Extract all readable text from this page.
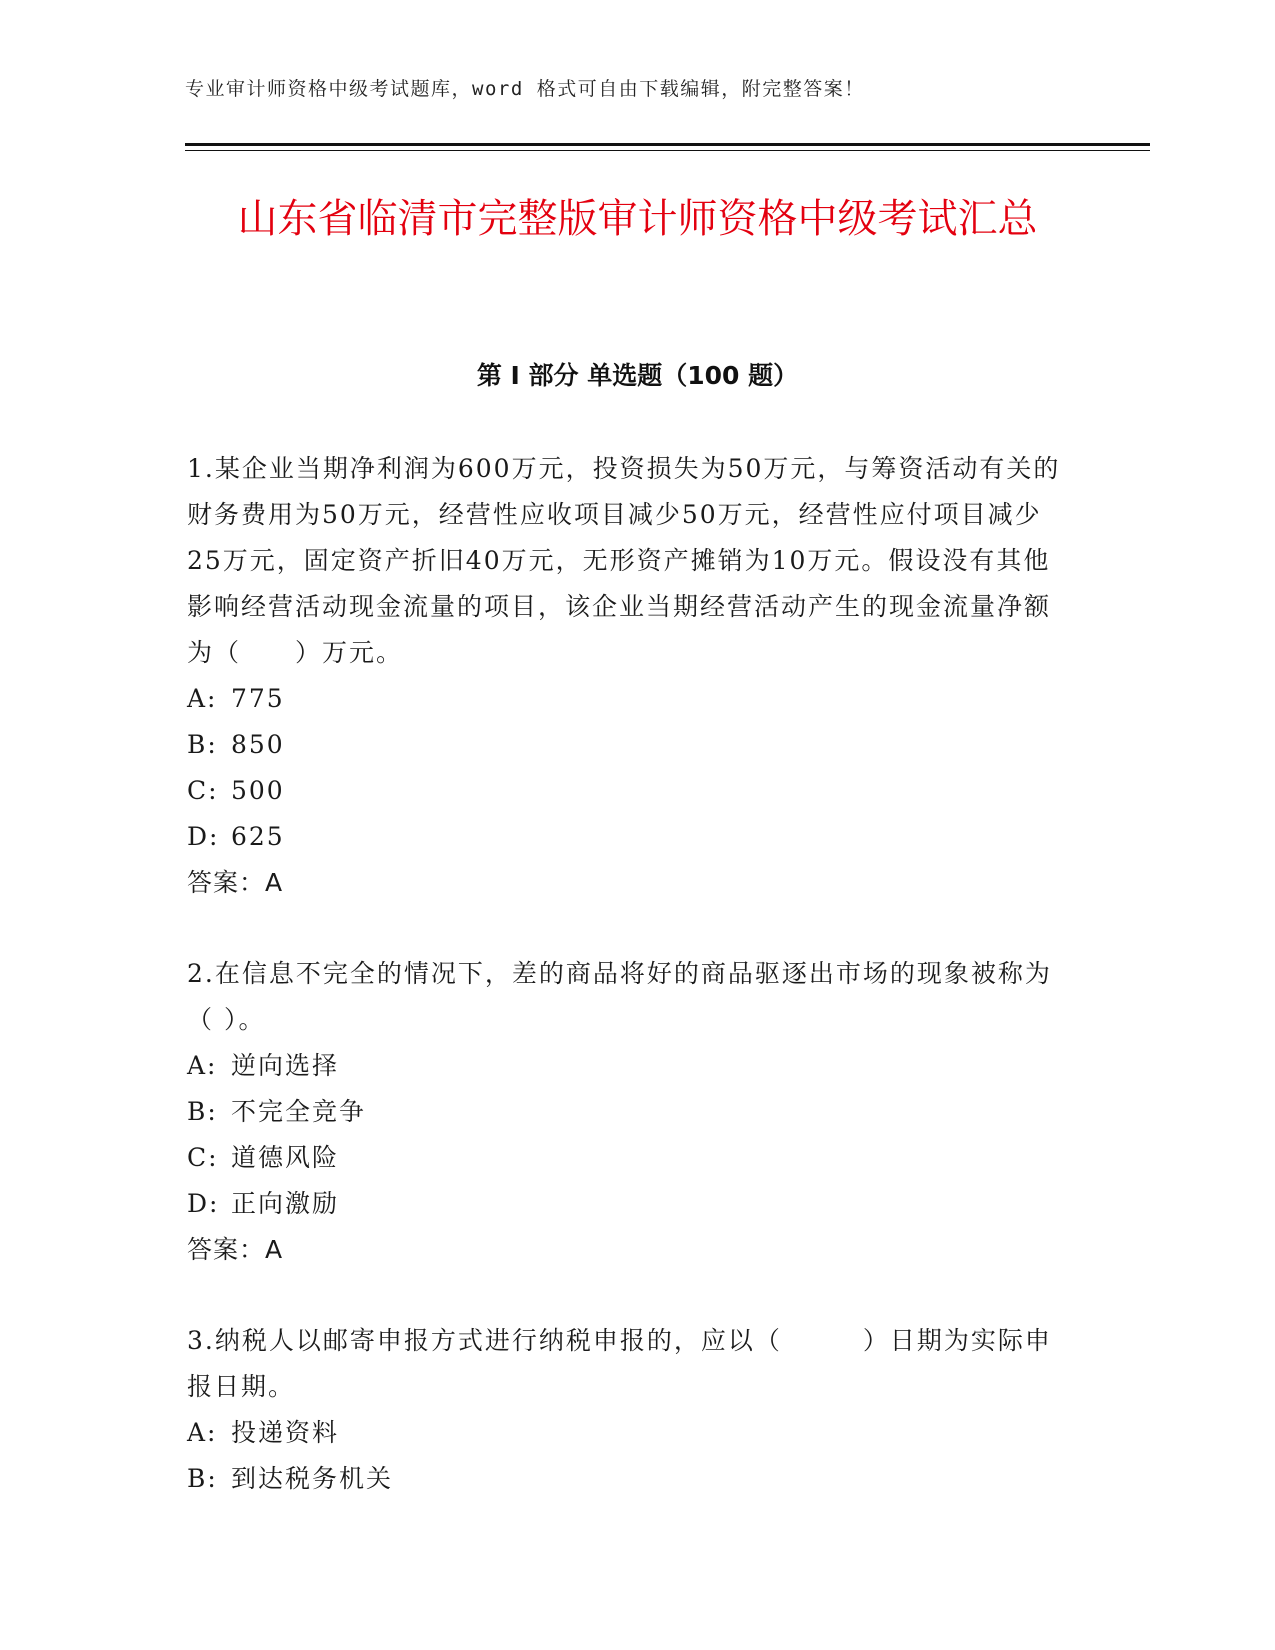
专业审计师资格中级考试题库，word 格式可自由下载编辑，附完整答案！
山东省临清市完整版审计师资格中级考试汇总
第 I 部分 单选题（100 题）

1.某企业当期净利润为600万元，投资损失为50万元，与筹资活动有关的财务费用为50万元，经营性应收项目减少50万元，经营性应付项目减少25万元，固定资产折旧40万元，无形资产摊销为10万元。假设没有其他影响经营活动现金流量的项目，该企业当期经营活动产生的现金流量净额为（　　）万元。

A: 775

B: 850

C: 500

D: 625

答案：A

2.在信息不完全的情况下，差的商品将好的商品驱逐出市场的现象被称为（ ）。

A: 逆向选择

B: 不完全竞争

C: 道德风险

D: 正向激励

答案：A

3.纳税人以邮寄申报方式进行纳税申报的，应以（　　　）日期为实际申报日期。

A: 投递资料

B: 到达税务机关
